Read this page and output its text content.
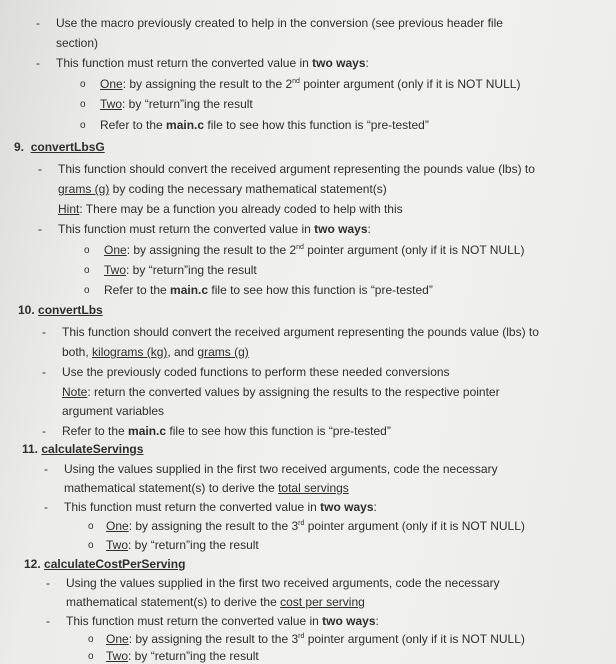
-	Use the macro previously created to help in the conversion (see previous header file
section)
-	This function must return the converted value in two ways:
o One: by assigning the result to the 2nd pointer argument (only if it is NOT NULL)
o Two: by “return”ing the result
o Refer to the main.c file to see how this function is “pre-tested”
9. convertLbsG
-	This function should convert the received argument representing the pounds value (lbs) to
grams (g) by coding the necessary mathematical statement(s)
Hint: There may be a function you already coded to help with this
-	This function must return the converted value in two ways:
o One: by assigning the result to the 2nd pointer argument (only if it is NOT NULL)
o Two: by “return”ing the result
o Refer to the main.c file to see how this function is “pre-tested”
10. convertLbs
-	This function should convert the received argument representing the pounds value (lbs) to
both, kilograms (kg), and grams (g)
-	Use the previously coded functions to perform these needed conversions
Note: return the converted values by assigning the results to the respective pointer
argument variables
-	Refer to the main.c file to see how this function is “pre-tested”
11. calculateServings
-	Using the values supplied in the first two received arguments, code the necessary
mathematical statement(s) to derive the total servings
-	This function must return the converted value in two ways:
o One: by assigning the result to the 3rd pointer argument (only if it is NOT NULL)
o Two: by “return”ing the result
12. calculateCostPerServing
-	Using the values supplied in the first two received arguments, code the necessary
mathematical statement(s) to derive the cost per serving
-	This function must return the converted value in two ways:
o One: by assigning the result to the 3rd pointer argument (only if it is NOT NULL)
o Two: by “return”ing the result
